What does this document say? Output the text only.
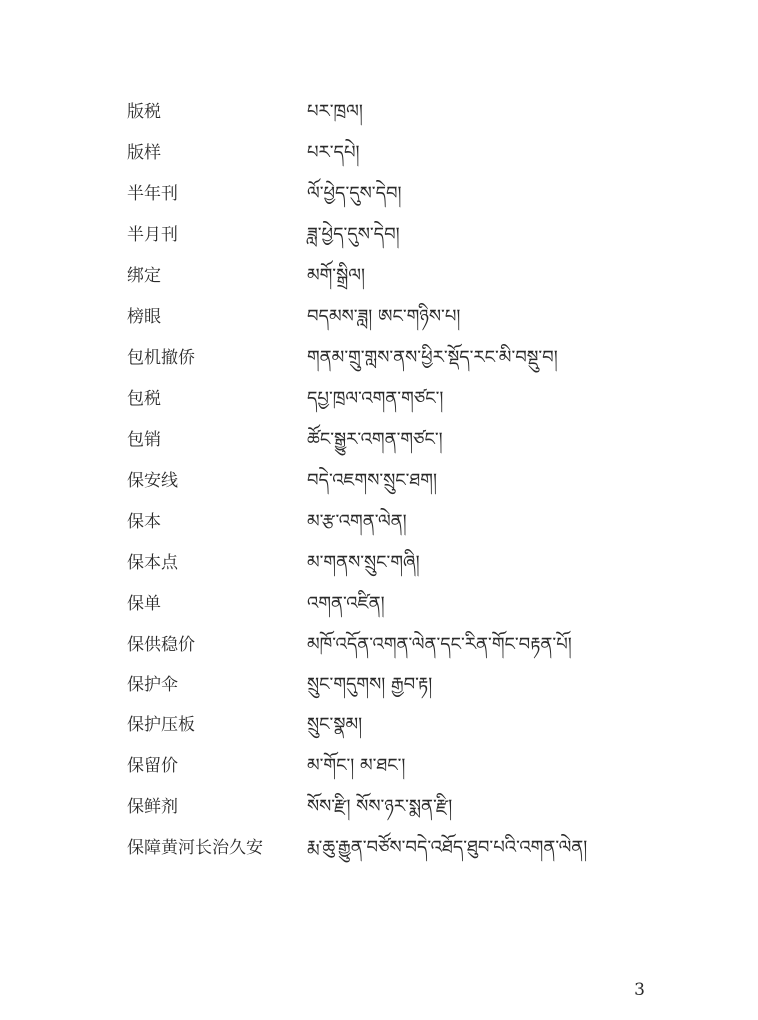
版税	པར་ཁྲལ།
版样	པར་དཔེ།
半年刊	ལོ་ཕྱེད་དུས་དེབ།
半月刊	ཟླ་ཕྱེད་དུས་དེབ།
绑定	མགོ་སྒྲིལ།
榜眼	བདམས་ཟླ། ཨང་གཉིས་པ།
包机撤侨	གནམ་གྲུ་གླས་ནས་ཕྱིར་སྡོད་རང་མི་བསྡུ་བ།
包税	དཔྱ་ཁྲལ་འགན་གཙང་།
包销	ཚོང་སྒྱུར་འགན་གཙང་།
保安线	བདེ་འཇགས་སྲུང་ཐག།
保本	མ་རྩ་འགན་ལེན།
保本点	མ་གནས་སྲུང་གཞི།
保单	འགན་འཛིན།
保供稳价	མཁོ་འདོན་འགན་ལེན་དང་རིན་གོང་བརྟན་པོ།
保护伞	སྲུང་གདུགས། རྒྱབ་རྟ།
保护压板	སྲུང་སྣམ།
保留价	མ་གོང་། མ་ཐང་།
保鲜剂	སོས་རྫི། སོས་ཉར་སྨན་རྫི།
保障黄河长治久安	རྨ་ཆུ་རྒྱུན་བཙོས་བདེ་འཐོད་ཐུབ་པའི་འགན་ལེན།
3
